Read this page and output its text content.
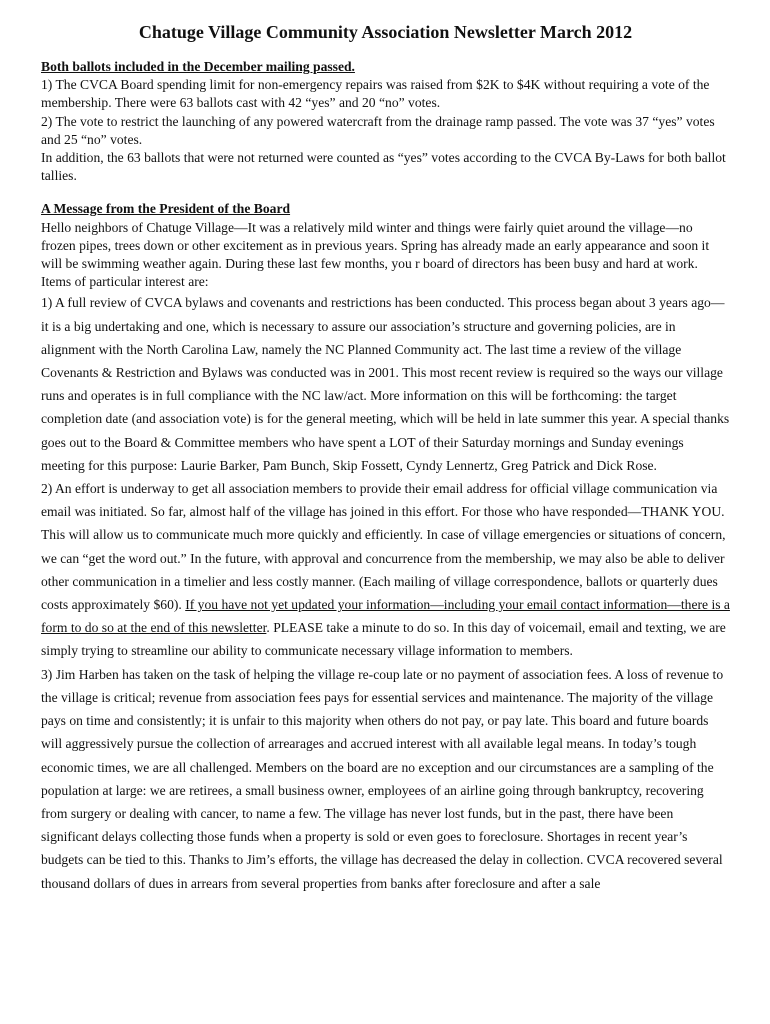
Chatuge Village Community Association Newsletter March 2012
Both ballots included in the December mailing passed.

1) The CVCA Board spending limit for non-emergency repairs was raised from $2K to $4K without requiring a vote of the membership. There were 63 ballots cast with 42 “yes” and 20 “no” votes.

2) The vote to restrict the launching of any powered watercraft from the drainage ramp passed. The vote was 37 “yes” votes and 25 “no” votes.

In addition, the 63 ballots that were not returned were counted as “yes” votes according to the CVCA By-Laws for both ballot tallies.

A Message from the President of the Board

Hello neighbors of Chatuge Village—It was a relatively mild winter and things were fairly quiet around the village—no frozen pipes, trees down or other excitement as in previous years. Spring has already made an early appearance and soon it will be swimming weather again. During these last few months, you r board of directors has been busy and hard at work. Items of particular interest are:

1) A full review of CVCA bylaws and covenants and restrictions has been conducted. This process began about 3 years ago—it is a big undertaking and one, which is necessary to assure our association’s structure and governing policies, are in alignment with the North Carolina Law, namely the NC Planned Community act. The last time a review of the village Covenants & Restriction and Bylaws was conducted was in 2001. This most recent review is required so the ways our village runs and operates is in full compliance with the NC law/act. More information on this will be forthcoming: the target completion date (and association vote) is for the general meeting, which will be held in late summer this year. A special thanks goes out to the Board & Committee members who have spent a LOT of their Saturday mornings and Sunday evenings meeting for this purpose: Laurie Barker, Pam Bunch, Skip Fossett, Cyndy Lennertz, Greg Patrick and Dick Rose.

2) An effort is underway to get all association members to provide their email address for official village communication via email was initiated. So far, almost half of the village has joined in this effort. For those who have responded—THANK YOU. This will allow us to communicate much more quickly and efficiently. In case of village emergencies or situations of concern, we can “get the word out.” In the future, with approval and concurrence from the membership, we may also be able to deliver other communication in a timelier and less costly manner. (Each mailing of village correspondence, ballots or quarterly dues costs approximately $60). If you have not yet updated your information—including your email contact information—there is a form to do so at the end of this newsletter. PLEASE take a minute to do so. In this day of voicemail, email and texting, we are simply trying to streamline our ability to communicate necessary village information to members.

3) Jim Harben has taken on the task of helping the village re-coup late or no payment of association fees. A loss of revenue to the village is critical; revenue from association fees pays for essential services and maintenance. The majority of the village pays on time and consistently; it is unfair to this majority when others do not pay, or pay late. This board and future boards will aggressively pursue the collection of arrearages and accrued interest with all available legal means. In today’s tough economic times, we are all challenged. Members on the board are no exception and our circumstances are a sampling of the population at large: we are retirees, a small business owner, employees of an airline going through bankruptcy, recovering from surgery or dealing with cancer, to name a few. The village has never lost funds, but in the past, there have been significant delays collecting those funds when a property is sold or even goes to foreclosure. Shortages in recent year’s budgets can be tied to this. Thanks to Jim’s efforts, the village has decreased the delay in collection. CVCA recovered several thousand dollars of dues in arrears from several properties from banks after foreclosure and after a sale
